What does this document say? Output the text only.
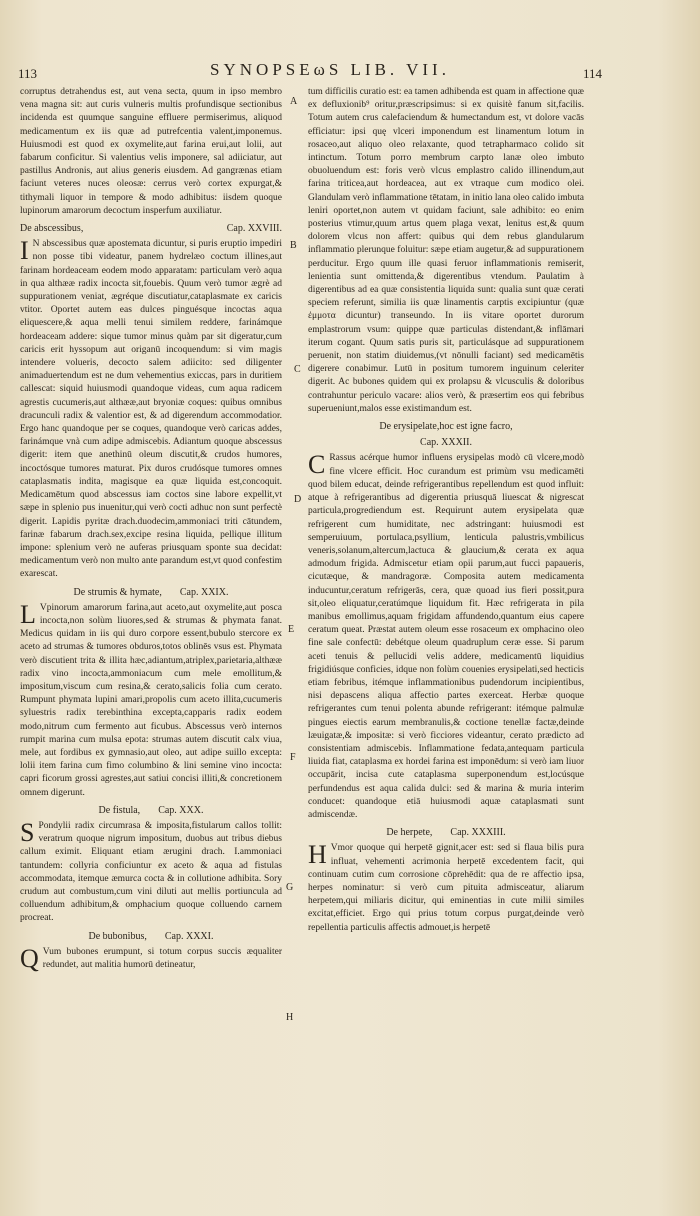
113	SYNOPSEωS LIB. VII.	114
A
B
C
D
E
F
G
H

corruptus detrahendus est, aut vena secta, quum in ipso membro vena magna sit: aut curis vulneris multis profundisque sectionibus incidenda est quumque sanguine effluere permiserimus, aliquod medicamentum ex iis quæ ad putrefcentia valent,imponemus. Huiusmodi est quod ex oxymelite,aut farina erui,aut lolii, aut fabarum conficitur. Si valentius velis imponere, sal adiiciatur, aut pastillus Andronis, aut alius generis eiusdem. Ad gangrænas etiam faciunt veteres nuces oleosæ: cerrus verò cortex expurgat,& tithymali liquor in tempore & modo adhibitus: iisdem quoque lupinorum amarorum decoctum insperfum auxiliatur.

De abscessibus,	Cap. XXVIII.

I N abscessibus quæ apostemata dicuntur, si puris eruptio impediri non posse tibi videatur, panem hydrelæo coctum illines,aut farinam hordeaceam eodem modo apparatam: particulam verò aqua in qua althææ radix incocta sit,fouebis. Quum verò tumor ægrè ad suppurationem veniat, ægréque discutiatur,cataplasmate ex caricis vtitor. Oportet autem eas dulces pinguésque incoctas aqua eliquescere,& aqua melli tenui similem reddere, farinámque hordeaceam addere: sique tumor minus quàm par sit digeratur,cum caricis erit hyssopum aut origanū incoquendum: si vim magis intendere volueris, decocto salem adiicito: sed diligenter animaduertendum est ne dum vehementius exiccas, pars in duritiem callescat: siquid huiusmodi quandoque videas, cum aqua radicem agrestis cucumeris,aut althææ,aut bryoniæ coques: quibus omnibus dracunculi radix & valentior est, & ad digerendum accommodatior. Ergo hanc quandoque per se coques, quandoque verò caricas addes, farinámque vnà cum adipe admiscebis. Adiantum quoque abscessus digerit: item que anethinū oleum discutit,& crudos humores, incoctósque tumores maturat. Pix duros crudósque tumores omnes cataplasmatis indita, magisque ea quæ liquida est,concoquit. Medicamētum quod abscessus iam coctos sine labore expellit,vt sæpe in splenio pus inuenitur,qui verò cocti adhuc non sunt perfectè digerit. Lapidis pyritæ drach.duodecim,ammoniaci triti cātundem, farinæ fabarum drach.sex,excipe resina liquida, pellique illitum impone: splenium verò ne auferas priusquam sponte sua decidat: medicamentum verò non multo ante parandum est,vt quod confestim exarescat.

De strumis & hymate, Cap. XXIX.

L Vpinorum amarorum farina,aut aceto,aut oxymelite,aut posca incocta,non solùm liuores,sed & strumas & phymata fanat. Medicus quidam in iis qui duro corpore essent,bubulo stercore ex aceto ad strumas & tumores obduros,totos oblinēs vsus est. Phymata verò discutient trita & illita hæc,adiantum,atriplex,parietaria,althææ radix vino incocta,ammoniacum cum mele emollitum,& impositum,viscum cum resina,& cerato,salicis folia cum cerato. Rumpunt phymata lupini amari,propolis cum aceto illita,cucumeris syluestris radix terebinthina excepta,capparis radix eodem modo,nitrum cum fermento aut ficubus. Abscessus verò internos rumpit marina cum mulsa epota: strumas autem discutit calx viua, mele, aut fordibus ex gymnasio,aut oleo, aut adipe suillo excepta: lolii item farina cum fimo columbino & lini semine vino incocta: capri ficorum grossi agrestes,aut satiui concisi illiti,& concretionem omnem digerunt.

De fistula, Cap. XXX.

S Pondylii radix circumrasa & imposita,fistularum callos tollit: veratrum quoque nigrum impositum, duobus aut tribus diebus callum eximit. Eliquant etiam ærugini drach. I.ammoniaci tantundem: collyria conficiuntur ex aceto & aqua ad fistulas accommodata, itemque æmurca cocta & in collutione adhibita. Sory crudum aut combustum,cum vini diluti aut mellis portiuncula ad colluendum adhibitum,& omphacium quoque colluendo carnem procreat.

De bubonibus, Cap. XXXI.

Q Vum bubones erumpunt, si totum corpus succis æqualiter redundet, aut malitia humorū detineatur,

tum difficilis curatio est: ea tamen adhibenda est quam in affectione quæ ex defluxionib⁹ oritur,præscripsimus: si ex quisitè fanum sit,facilis. Totum autem crus calefaciendum & humectandum est, vt dolore vacās efficiatur: ipsi quę vlceri imponendum est linamentum lotum in rosaceo,aut aliquo oleo relaxante, quod tetrapharmaco colido sit intinctum. Totum porro membrum carpto lanæ oleo imbuto obuoluendum est: foris verò vlcus emplastro calido illinendum,aut farina triticea,aut hordeacea, aut ex vtraque cum modico olei. Glandulam verò inflammatione tētatam, in initio lana oleo calido imbuta leniri oportet,non autem vt quidam faciunt, sale adhibito: eo enim posterius vtimur,quum artus quem plaga vexat, lenitus est,& quum dolorem vlcus non affert: quibus qui dem rebus glandularum inflammatio plerunque foluitur: sæpe etiam augetur,& ad suppurationem perducitur. Ergo quum ille quasi feruor inflammationis remiserit, lenientia sunt omittenda,& digerentibus vtendum. Paulatim à digerentibus ad ea quæ consistentia liquida sunt: qualia sunt quæ cerati speciem referunt, similia iis quæ linamentis carptis excipiuntur (quæ ἐμμοτα dicuntur) transeundo. In iis vitare oportet durorum emplastrorum vsum: quippe quæ particulas distendant,& inflāmari iterum cogant. Quum satis puris sit, particulásque ad suppurationem peruenit, non statim diuidemus,(vt nōnulli faciant) sed medicamētis digerere conabimur. Lutū in positum tumorem inguinum celeriter digerit. Ac bubones quidem qui ex prolapsu & vlcusculis & doloribus contrahuntur periculo vacare: alios verò, & præsertim eos qui febribus superueniunt,malos esse existimandum est.

De erysipelate,hoc est igne facro,
Cap. XXXII.

C Rassus acérque humor influens erysipelas modò cū vlcere,modò fine vlcere efficit. Hoc curandum est primùm vsu medicamēti quod bilem educat, deinde refrigerantibus repellendum est quod influit: atque à refrigerantibus ad digerentia priusquā liuescat & nigrescat particula,progrediendum est. Requirunt autem erysipelata quæ refrigerent cum humiditate, nec adstringant: huiusmodi est semperuiuum, portulaca,psyllium, lenticula palustris,vmbilicus veneris,solanum,altercum,lactuca & glaucium,& cerata ex aqua admodum frigida. Admiscetur etiam opii parum,aut fucci papaueris, cicutæque, & mandragoræ. Composita autem medicamenta inducuntur,ceratum refrigerās, cera, quæ quoad ius fieri possit,pura sit,oleo eliquatur,ceratúmque liquidum fit. Hæc refrigerata in pila manibus emollimus,aquam frigidam affundendo,quantum eius capere ceratum queat. Præstat autem oleum esse rosaceum ex omphacino oleo fine sale confectū: debétque oleum quadruplum ceræ esse. Si parum aceti tenuis & pellucidi velis addere, medicamentū liquidius frigidiúsque conficies, idque non folùm couenies erysipelati,sed hecticis etiam febribus, itémque inflammationibus pudendorum incipientibus, nisi depascens aliqua affectio partes exerceat. Herbæ quoque refrigerantes cum tenui polenta abunde refrigerant: itémque palmulæ pingues eiectis earum membranulis,& coctione tenellæ factæ,deinde læuigatæ,& impositæ: si verò ficciores videantur, cerato prædicto ad consistentiam admiscebis. Inflammatione fedata,antequam particula liuida fiat, cataplasma ex hordei farina est imponēdum: si verò iam liuor occupārit, incisa cute cataplasma superponendum est,locúsque perfundendus est aqua calida dulci: sed & marina & muria interim conducet: quandoque etiā huiusmodi aquæ cataplasmati sunt admiscendæ.

De herpete, Cap. XXXIII.

H Vmor quoque qui herpetē gignit,acer est: sed si flaua bilis pura influat, vehementi acrimonia herpetē excedentem facit, qui continuam cutim cum corrosione cōprehēdit: qua de re affectio ipsa, herpes nominatur: si verò cum pituita admisceatur, aliarum herpetem,qui miliaris dicitur, qui eminentias in cute milii similes excitat,efficiet. Ergo qui prius totum corpus purgat,deinde verò repellentia particulis affectis admouet,is herpetē
